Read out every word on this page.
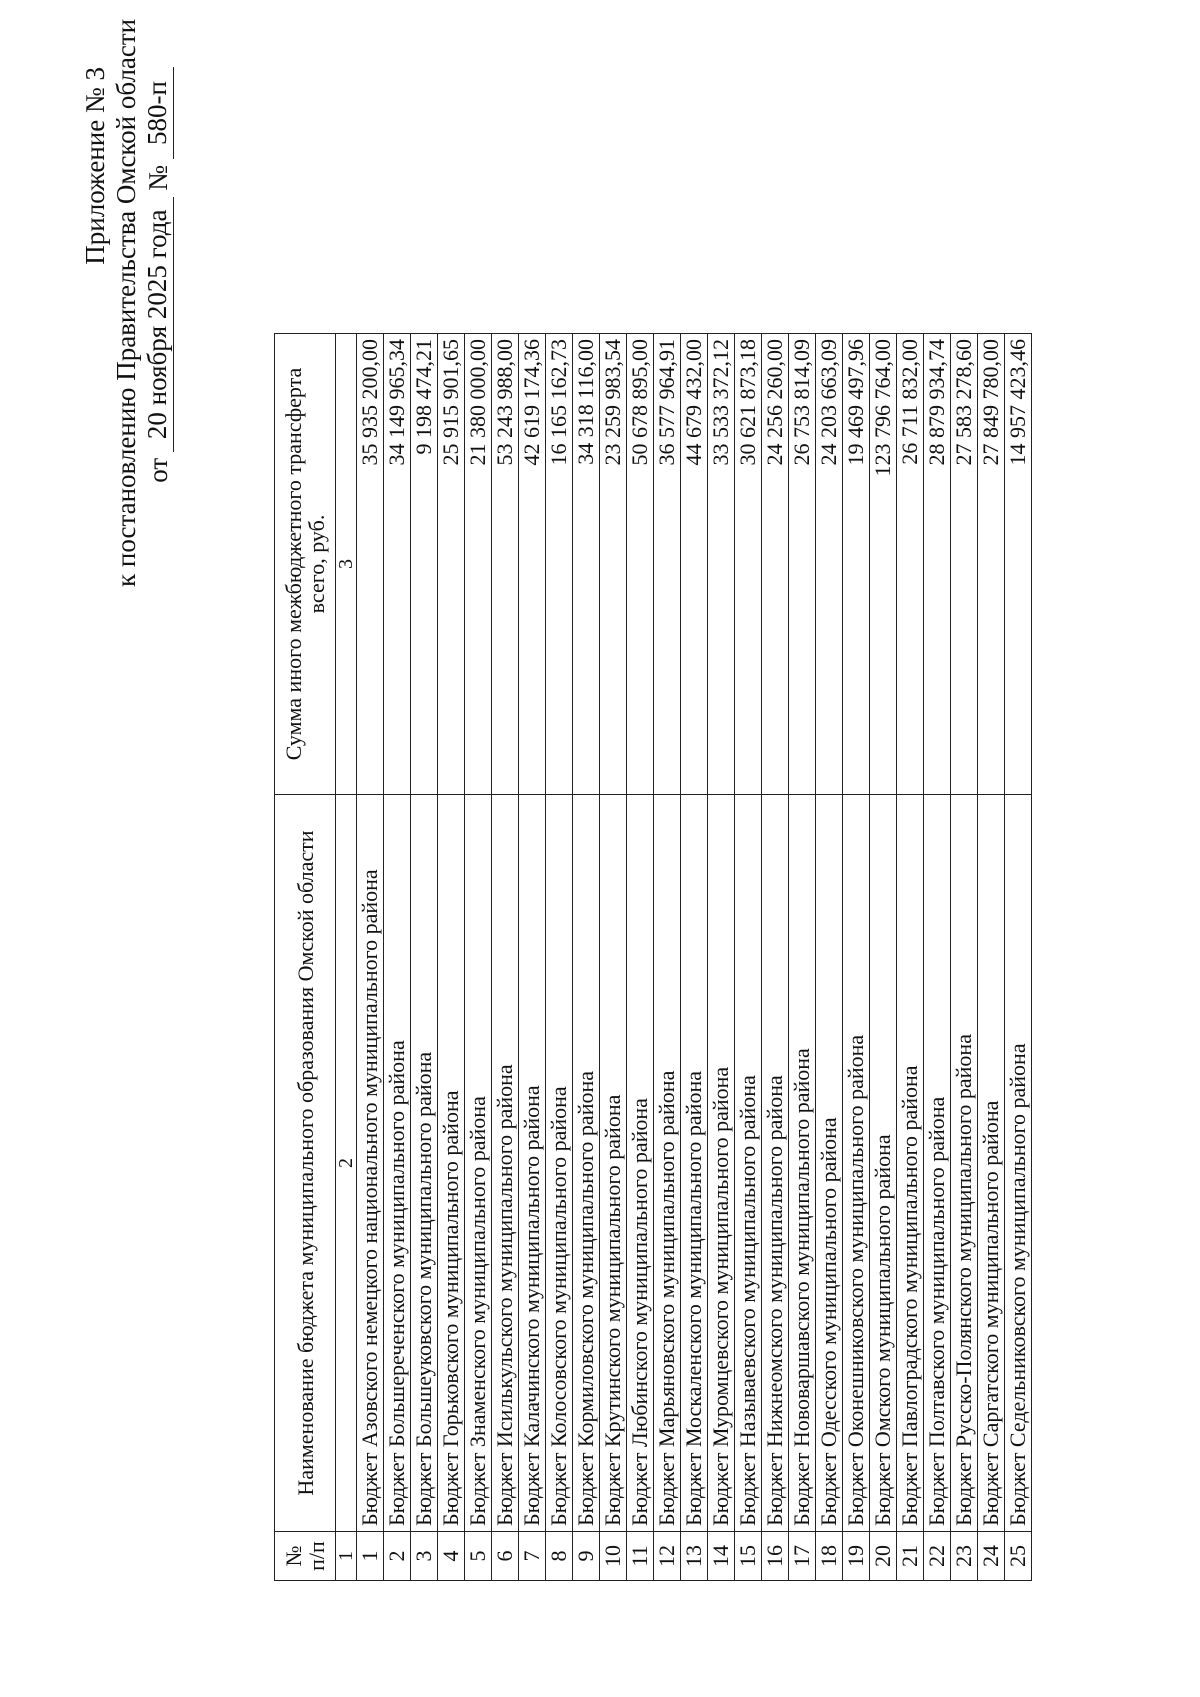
Приложение № 3 к постановлению Правительства Омской области от
20 ноября 2025 года
№
580-п
№ п/п	Наименование бюджета муниципального образования Омской области	Сумма иного межбюджетного трансферта всего, руб.
1	2	3
1	Бюджет Азовского немецкого национального муниципального района	35 935 200,00
2	Бюджет Большереченского муниципального района	34 149 965,34
3	Бюджет Большеуковского муниципального района	9 198 474,21
4	Бюджет Горьковского муниципального района	25 915 901,65
5	Бюджет Знаменского муниципального района	21 380 000,00
6	Бюджет Исилькульского муниципального района	53 243 988,00
7	Бюджет Калачинского муниципального района	42 619 174,36
8	Бюджет Колосовского муниципального района	16 165 162,73
9	Бюджет Кормиловского муниципального района	34 318 116,00
10	Бюджет Крутинского муниципального района	23 259 983,54
11	Бюджет Любинского муниципального района	50 678 895,00
12	Бюджет Марьяновского муниципального района	36 577 964,91
13	Бюджет Москаленского муниципального района	44 679 432,00
14	Бюджет Муромцевского муниципального района	33 533 372,12
15	Бюджет Называевского муниципального района	30 621 873,18
16	Бюджет Нижнеомского муниципального района	24 256 260,00
17	Бюджет Нововаршавского муниципального района	26 753 814,09
18	Бюджет Одесского муниципального района	24 203 663,09
19	Бюджет Оконешниковского муниципального района	19 469 497,96
20	Бюджет Омского муниципального района	123 796 764,00
21	Бюджет Павлоградского муниципального района	26 711 832,00
22	Бюджет Полтавского муниципального района	28 879 934,74
23	Бюджет Русско-Полянского муниципального района	27 583 278,60
24	Бюджет Саргатского муниципального района	27 849 780,00
25	Бюджет Седельниковского муниципального района	14 957 423,46
